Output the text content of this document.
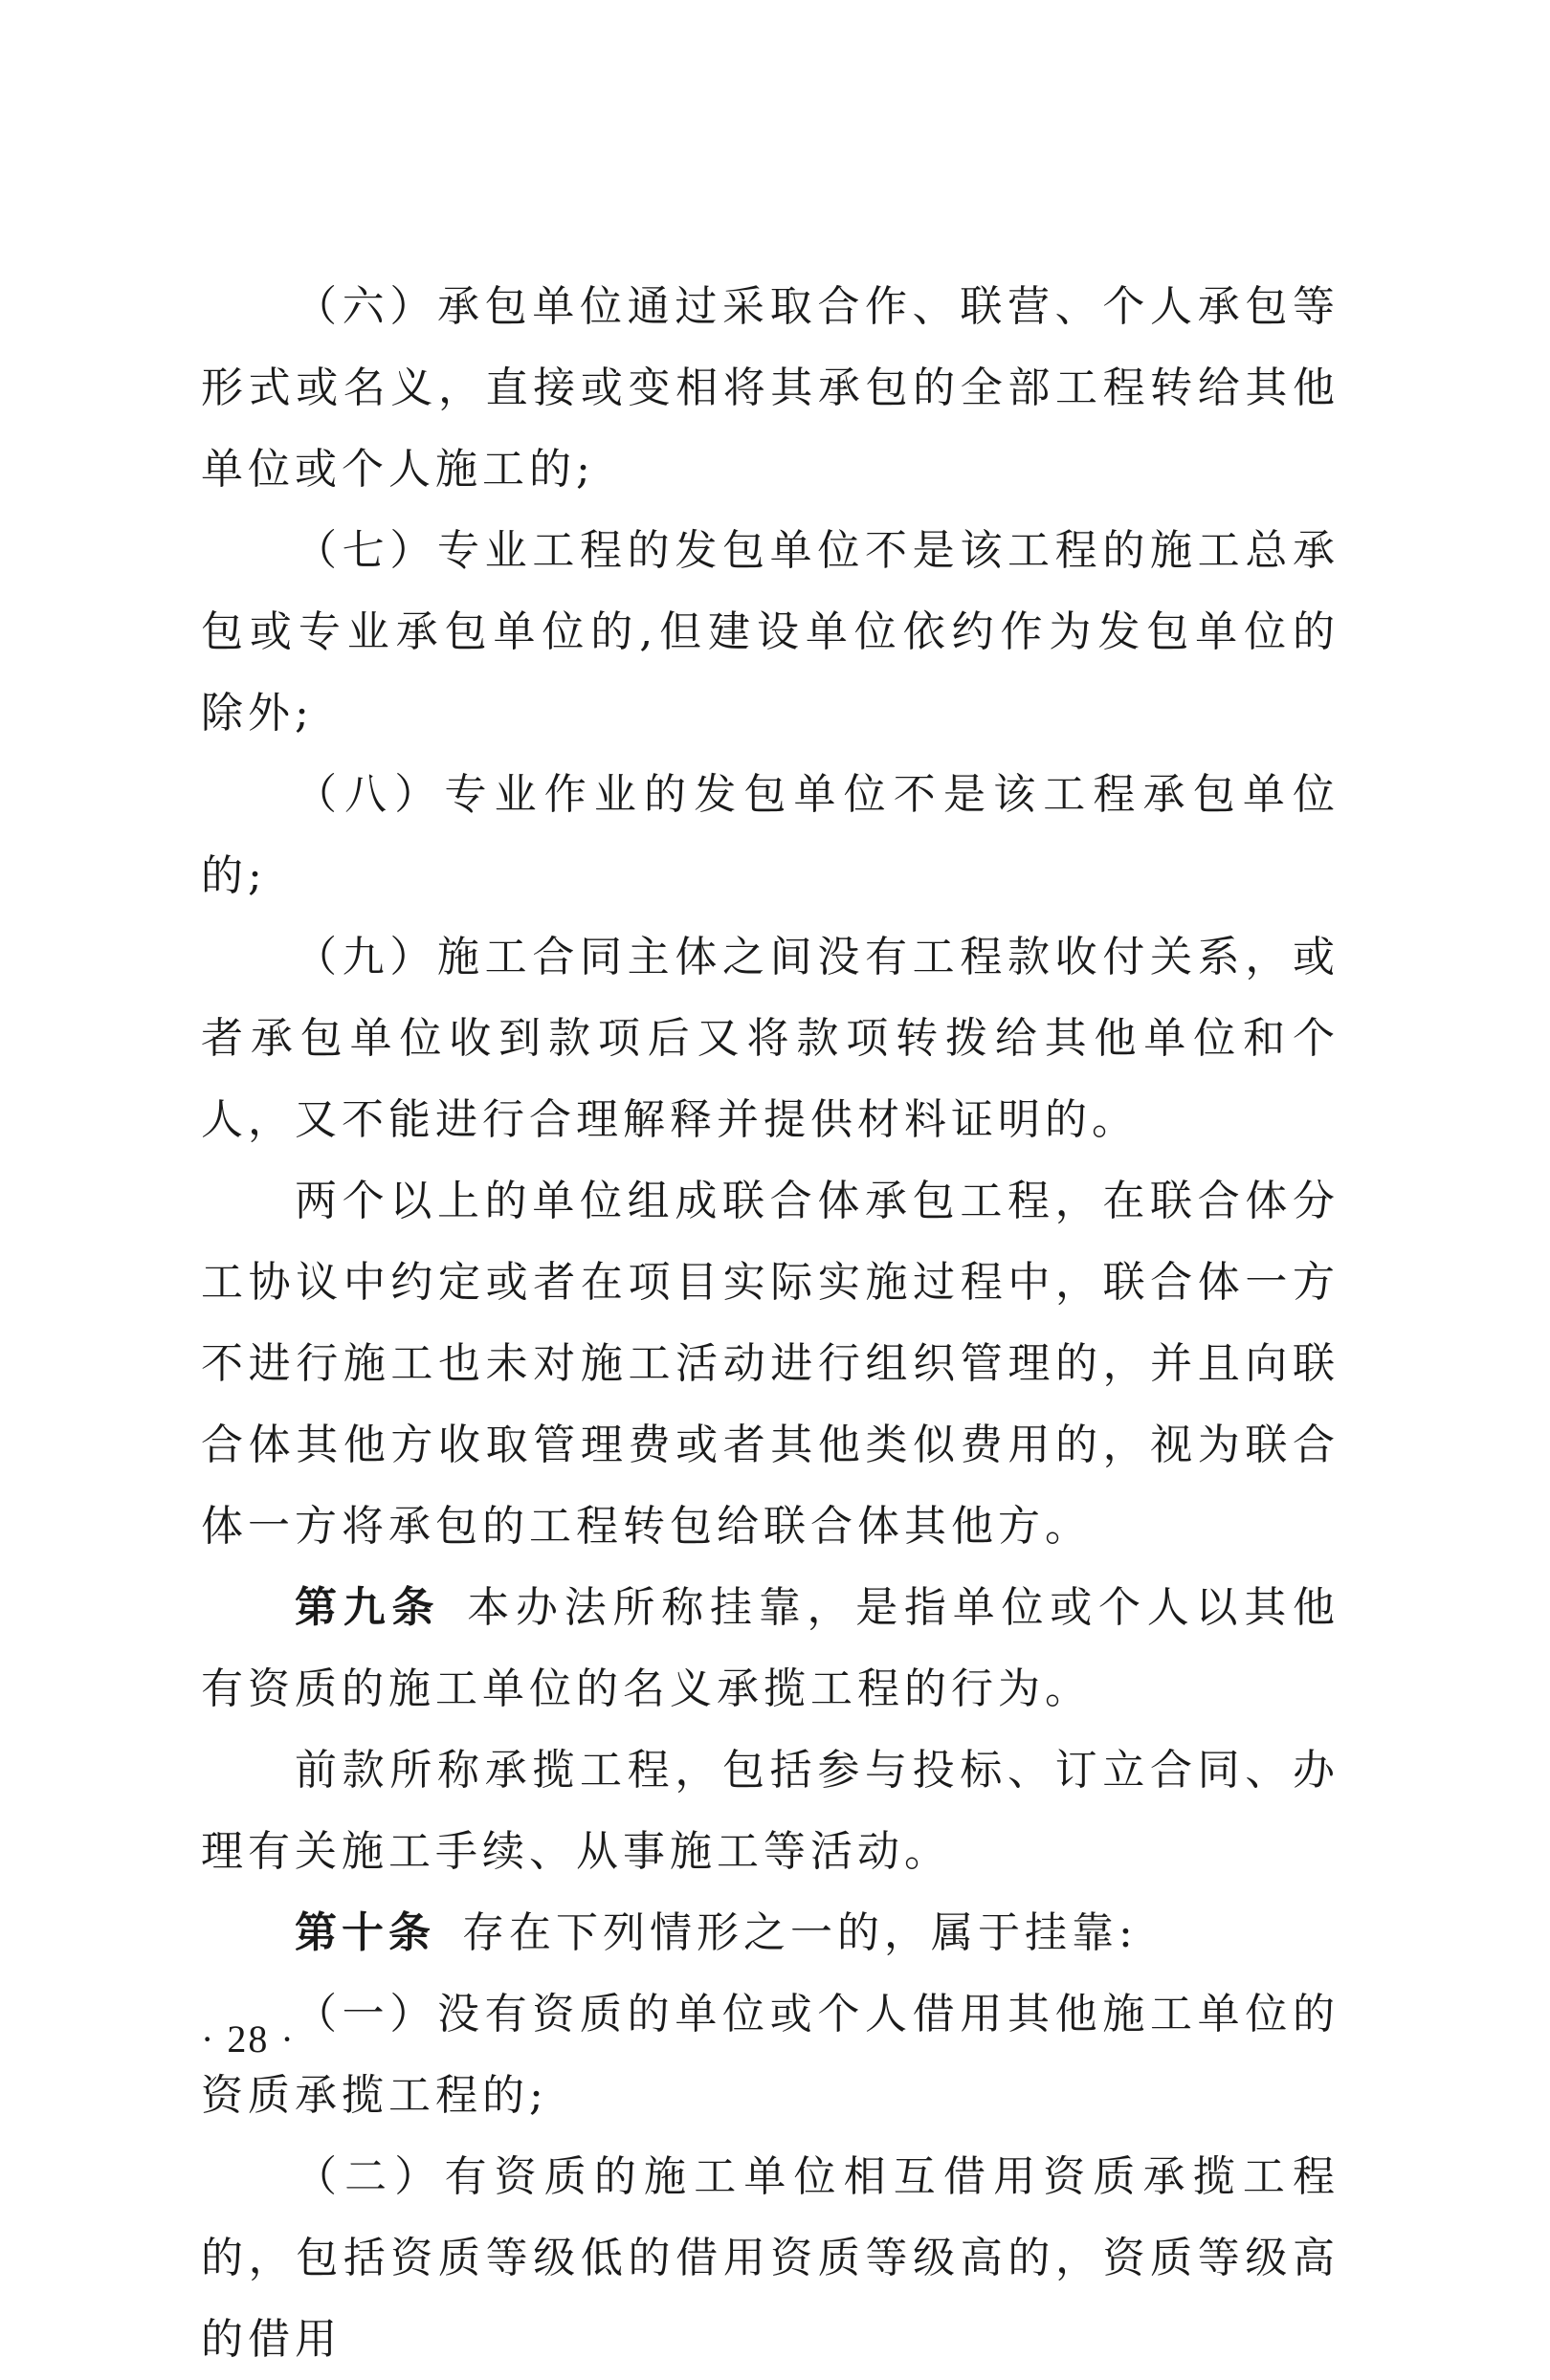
（六）承包单位通过采取合作、联营、个人承包等形式或名义，直接或变相将其承包的全部工程转给其他单位或个人施工的;

（七）专业工程的发包单位不是该工程的施工总承包或专业承包单位的,但建设单位依约作为发包单位的除外;

（八）专业作业的发包单位不是该工程承包单位的;

（九）施工合同主体之间没有工程款收付关系，或者承包单位收到款项后又将款项转拨给其他单位和个人，又不能进行合理解释并提供材料证明的。

两个以上的单位组成联合体承包工程，在联合体分工协议中约定或者在项目实际实施过程中，联合体一方不进行施工也未对施工活动进行组织管理的，并且向联合体其他方收取管理费或者其他类似费用的，视为联合体一方将承包的工程转包给联合体其他方。

第九条 本办法所称挂靠，是指单位或个人以其他有资质的施工单位的名义承揽工程的行为。

前款所称承揽工程，包括参与投标、订立合同、办理有关施工手续、从事施工等活动。

第十条 存在下列情形之一的，属于挂靠:

（一）没有资质的单位或个人借用其他施工单位的资质承揽工程的;

（二）有资质的施工单位相互借用资质承揽工程的，包括资质等级低的借用资质等级高的，资质等级高的借用

· 28 ·
